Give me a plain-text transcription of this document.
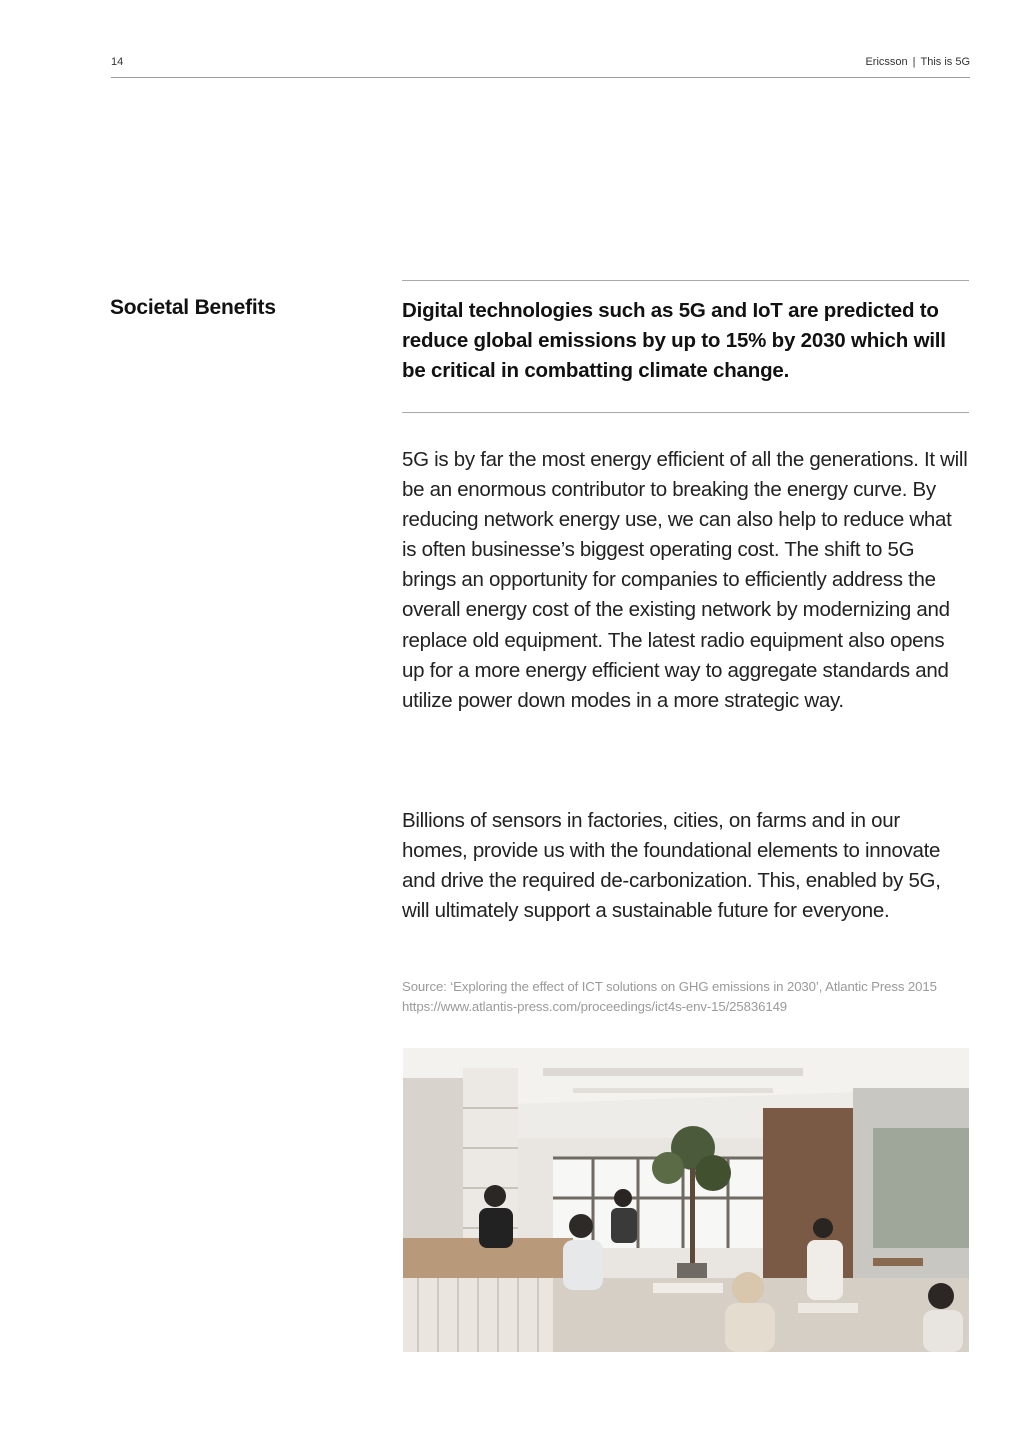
14	Ericsson | This is 5G
Societal Benefits	Digital technologies such as 5G and IoT are predicted to reduce global emissions by up to 15% by 2030 which will be critical in combatting climate change.
5G is by far the most energy efficient of all the generations. It will be an enormous contributor to breaking the energy curve. By reducing network energy use, we can also help to reduce what is often businesse’s biggest operating cost. The shift to 5G brings an opportunity for companies to efficiently address the overall energy cost of the existing network by modernizing and replace old equipment. The latest radio equipment also opens up for a more energy efficient way to aggregate standards and utilize power down modes in a more strategic way.
Billions of sensors in factories, cities, on farms and in our homes, provide us with the foundational elements to innovate and drive the required de-carbonization. This, enabled by 5G, will ultimately support a sustainable future for everyone.
Source: ‘Exploring the effect of ICT solutions on GHG emissions in 2030’, Atlantic Press 2015 https://www.atlantis-press.com/proceedings/ict4s-env-15/25836149
